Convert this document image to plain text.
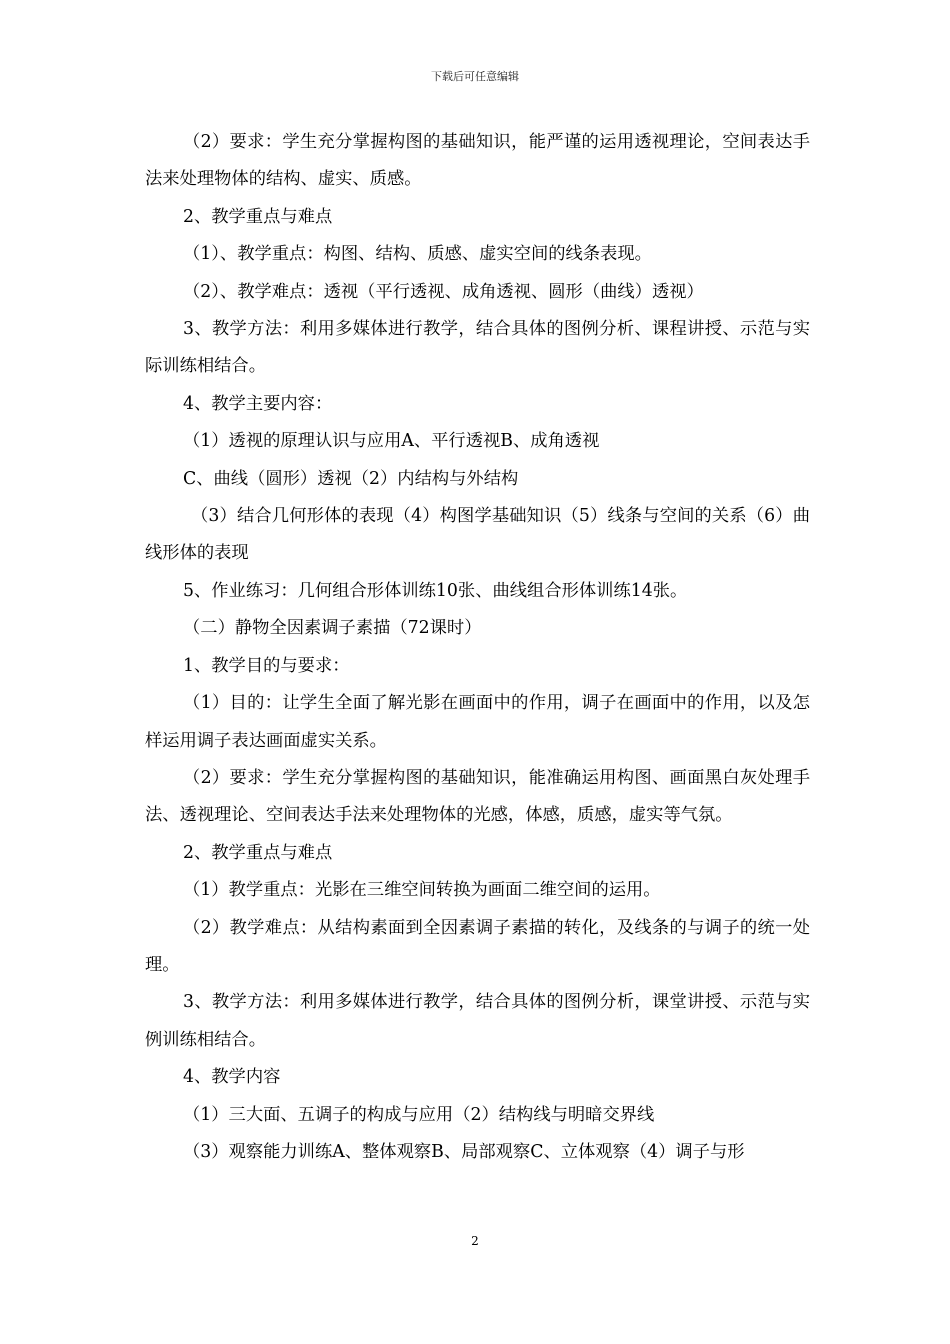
下载后可任意编辑

（2）要求：学生充分掌握构图的基础知识，能严谨的运用透视理论，空间表达手法来处理物体的结构、虚实、质感。

2、教学重点与难点

（1）、教学重点：构图、结构、质感、虚实空间的线条表现。

（2）、教学难点：透视（平行透视、成角透视、圆形（曲线）透视）

3、教学方法：利用多媒体进行教学，结合具体的图例分析、课程讲授、示范与实际训练相结合。

4、教学主要内容：

（1）透视的原理认识与应用A、平行透视B、成角透视

C、曲线（圆形）透视（2）内结构与外结构

（3）结合几何形体的表现（4）构图学基础知识（5）线条与空间的关系（6）曲线形体的表现

5、作业练习：几何组合形体训练10张、曲线组合形体训练14张。

（二）静物全因素调子素描（72课时）

1、教学目的与要求：

（1）目的：让学生全面了解光影在画面中的作用，调子在画面中的作用，以及怎样运用调子表达画面虚实关系。

（2）要求：学生充分掌握构图的基础知识，能准确运用构图、画面黑白灰处理手法、透视理论、空间表达手法来处理物体的光感，体感，质感，虚实等气氛。

2、教学重点与难点

（1）教学重点：光影在三维空间转换为画面二维空间的运用。

（2）教学难点：从结构素面到全因素调子素描的转化，及线条的与调子的统一处理。

3、教学方法：利用多媒体进行教学，结合具体的图例分析，课堂讲授、示范与实例训练相结合。

4、教学内容

（1）三大面、五调子的构成与应用（2）结构线与明暗交界线

（3）观察能力训练A、整体观察B、局部观察C、立体观察（4）调子与形

2
